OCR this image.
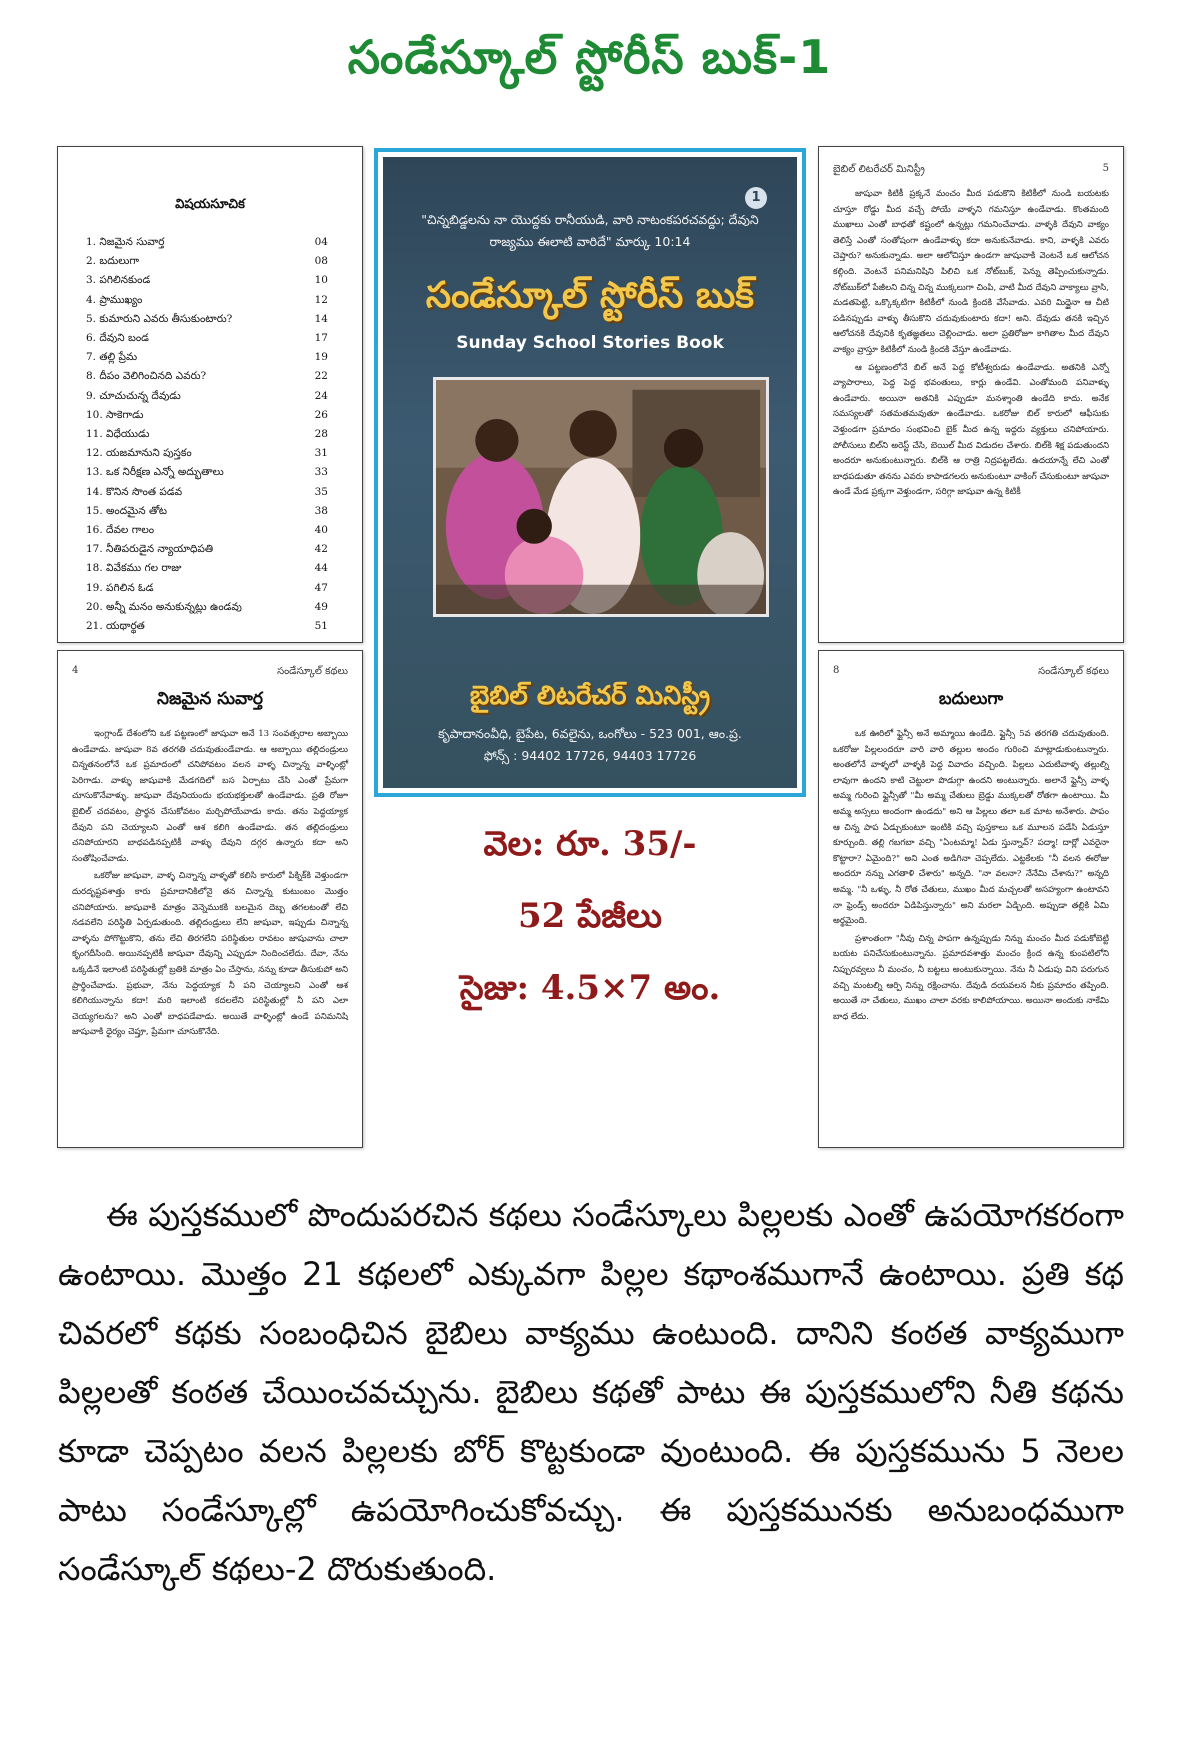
సండేస్కూల్ స్టోరీస్ బుక్-1
విషయసూచిక
1. నిజమైన సువార్త	04
2. బదులుగా	08
3. పగిలినకుండ	10
4. ప్రాముఖ్యం	12
5. కుమారుని ఎవరు తీసుకుంటారు?	14
6. దేవుని బండ	17
7. తల్లి ప్రేమ	19
8. దీపం వెలిగించినది ఎవరు?	22
9. చూచుచున్న దేవుడు	24
10. సాకెగాడు	26
11. విధేయుడు	28
12. యజమానుని పుస్తకం	31
13. ఒక నిరీక్షణ ఎన్నో అద్భుతాలు	33
14. కొనిన సొంత పడవ	35
15. అందమైన తోట	38
16. దేవల గాలం	40
17. నీతిపరుడైన న్యాయాధిపతి	42
18. వివేకము గల రాజు	44
19. పగిలిన ఓడ	47
20. అన్నీ మనం అనుకున్నట్లు ఉండవు	49
21. యథార్థత	51
1
"చిన్నబిడ్డలను నా యొద్దకు రానీయుడి, వారి నాటంకపరచవద్దు; దేవుని రాజ్యము ఈలాటి వారిదే" మార్కు 10:14
సండేస్కూల్ స్టోరీస్ బుక్
Sunday School Stories Book
బైబిల్ లిటరేచర్ మినిస్ట్రీ
కృపాదానంవీధి, బైపేట, 6వలైను, ఒంగోలు - 523 001, ఆం.ప్ర.
ఫోన్స్ : 94402 17726, 94403 17726
బైబిల్ లిటరేచర్ మినిస్ట్రీ	5

జాషువా కిటికీ ప్రక్కనే మంచం మీద పడుకొని కిటికీలో నుండి బయటకు చూస్తూ రోడ్డు మీద వచ్చే పోయే వాళ్ళని గమనిస్తూ ఉండేవాడు. కొంతమంది ముఖాలు ఎంతో బాధతో కష్టంలో ఉన్నట్లు గమనించేవాడు. వాళ్ళకి దేవుని వాక్యం తెలిస్తే ఎంతో సంతోషంగా ఉండేవాళ్ళు కదా అనుకునేవాడు. కాని, వాళ్ళకి ఎవరు చెప్తారు? అనుకున్నాడు. అలా ఆలోచిస్తూ ఉండగా జాషువాకి వెంటనే ఒక ఆలోచన కల్గింది. వెంటనే పనిమనిషిని పిలిచి ఒక నోట్‌బుక్, పెన్ను తెప్పించుకున్నాడు. నోట్‌బుక్‌లో పేజీలని చిన్న చిన్న ముక్కలుగా చింపి, వాటి మీద దేవుని వాక్యాలు వ్రాసి, మడతపెట్టి, ఒక్కొక్కటిగా కిటికీలో నుండి క్రిందకి వేసేవాడు. ఎవరి మిద్దైనా ఆ చీటి పడినప్పుడు వాళ్ళు తీసుకొని చదువుకుంటారు కదా! అని. దేవుడు తనకి ఇచ్చిన ఆలోచనకి దేవునికి కృతజ్ఞతలు చెల్లించాడు. అలా ప్రతిరోజూ కాగితాల మీద దేవుని వాక్యం వ్రాస్తూ కిటికీలో నుండి క్రిందకి వేస్తూ ఉండేవాడు.

ఆ పట్టణంలోనే బిల్ అనే పెద్ద కోటీశ్వరుడు ఉండేవాడు. అతనికి ఎన్నో వ్యాపారాలు, పెద్ద పెద్ద భవంతులు, కార్లు ఉండేవి. ఎంతోమంది పనివాళ్ళు ఉండేవారు. అయినా అతనికి ఎప్పుడూ మనశ్శాంతి ఉండేది కాదు. అనేక సమస్యలతో సతమతమవుతూ ఉండేవాడు. ఒకరోజు బిల్ కారులో ఆఫీసుకు వెళ్తుండగా ప్రమాదం సంభవించి బైక్ మీద ఉన్న ఇద్దరు వ్యక్తులు చనిపోయారు. పోలీసులు బిల్‌ని అరెస్ట్ చేసి, బెయిల్ మీద విడుదల చేశారు. బిల్‌కి శిక్ష పడుతుందని అందరూ అనుకుంటున్నారు. బిల్‌కి ఆ రాత్రి నిద్రపట్టలేదు. ఉదయాన్నే లేచి ఎంతో బాధపడుతూ తనను ఎవరు కాపాడగలరు అనుకుంటూ వాకింగ్ చేసుకుంటూ జాషువా ఉండే మేడ ప్రక్కగా వెళ్తుండగా, సరిగ్గా జాషువా ఉన్న కిటికీ

4	సండేస్కూల్ కథలు
నిజమైన సువార్త

ఇంగ్లాండ్ దేశంలోని ఒక పట్టణంలో జాషువా అనే 13 సంవత్సరాల అబ్బాయి ఉండేవాడు. జాషువా 8వ తరగతి చదువుతుండేవాడు. ఆ అబ్బాయి తల్లిదండ్రులు చిన్నతనంలోనే ఒక ప్రమాదంలో చనిపోవటం వలన వాళ్ళ చిన్నాన్న వాళ్ళింట్లో పెరిగాడు. వాళ్ళు జాషువాకి మేడగదిలో బస ఏర్పాటు చేసి ఎంతో ప్రేమగా చూసుకొనేవాళ్ళు. జాషువా దేవునియందు భయభక్తులతో ఉండేవాడు. ప్రతి రోజూ బైబిల్ చదవటం, ప్రార్థన చేసుకోవటం మర్చిపోయేవాడు కాదు. తను పెద్దయ్యాక దేవుని పని చెయ్యాలని ఎంతో ఆశ కలిగి ఉండేవాడు. తన తల్లిదండ్రులు చనిపోయారని బాధపడినప్పటికీ వాళ్ళు దేవుని దగ్గర ఉన్నారు కదా అని సంతోషించేవాడు.

ఒకరోజు జాషువా, వాళ్ళ చిన్నాన్న వాళ్ళతో కలిసి కారులో పిక్నిక్‌కి వెళ్తుండగా దురదృష్టవశాత్తు కారు ప్రమాదానికిలోనై తన చిన్నాన్న కుటుంబం మొత్తం చనిపోయారు. జాషువాకి మాత్రం వెన్నెముకకి బలమైన దెబ్బ తగలటంతో లేచి నడవలేని పరిస్థితి ఏర్పడుతుంది. తల్లిదండ్రులు లేని జాషువా, ఇప్పుడు చిన్నాన్న వాళ్ళను పోగొట్టుకొని, తను లేచి తిరగలేని పరిస్థితుల రావటం జాషువాను చాలా కృంగదీసింది. అయినప్పటికీ జాషువా దేవున్ని ఎప్పుడూ నిందించలేదు. దేవా, నేను ఒక్కడినే ఇలాంటి పరిస్థితుల్లో బ్రతికి మాత్రం ఏం చేస్తాను, నన్ను కూడా తీసుకుపో అని ప్రార్థించేవాడు. ప్రభువా, నేను పెద్దయ్యాక నీ పని చెయ్యాలని ఎంతో ఆశ కలిగియున్నాను కదా! మరి ఇలాంటి కదలలేని పరిస్థితుల్లో నీ పని ఎలా చెయ్యగలను? అని ఎంతో బాధపడేవాడు. అయితే వాళ్ళింట్లో ఉండే పనిమనిషి జాషువాకి ధైర్యం చెప్తూ, ప్రేమగా చూసుకొనేది.

8	సండేస్కూల్ కథలు
బదులుగా

ఒక ఊరిలో ఫ్లైన్సీ అనే అమ్మాయి ఉండేది. ఫ్లైన్సీ 5వ తరగతి చదువుతుంది. ఒకరోజు పిల్లలందరూ వారి వారి తల్లుల అందం గురించి మాట్లాడుకుంటున్నారు. అంతలోనే వాళ్ళలో వాళ్ళకి పెద్ద వివాదం వచ్చింది. పిల్లలు ఎదుటివాళ్ళ తల్లుల్ని లావుగా ఉందని కాటి చెట్టులా పొడుగ్గా ఉందని అంటున్నారు. అలానే ఫ్లైన్సీ వాళ్ళ అమ్మ గురించి ఫ్లైన్సీతో "మీ అమ్మ చేతులు బ్రెడ్డు ముక్కలతో రోతగా ఉంటాయి. మీ అమ్మ అస్సలు అందంగా ఉండదు" అని ఆ పిల్లలు తలా ఒక మాట అనేశారు. పాపం ఆ చిన్న పాప ఏడ్చుకుంటూ ఇంటికి వచ్చి పుస్తకాలు ఒక మూలన పడేసి ఏడుస్తూ కూర్చుంది. తల్లి గబగబా వచ్చి "ఏంటమ్మా! ఏడు స్తున్నావ్? పద్మా! దార్లో ఎవరైనా కొట్టారా? ఏమైంది?" అని ఎంత అడిగినా చెప్పలేదు. ఎట్టకేలకు "నీ వలన ఈరోజు అందరూ నన్ను ఎగతాళి చేశారు" అన్నది. "నా వలనా? నేనేమి చేశాను?" అన్నది అమ్మ. "నీ ఒళ్ళు, నీ రోత చేతులు, ముఖం మీద మచ్చలతో అసహ్యంగా ఉంటావని నా ఫ్రెండ్స్ అందరూ ఏడిపిస్తున్నారు" అని మరలా ఏడ్చింది. అప్పుడా తల్లికి ఏమి అర్థమైంది.

ప్రశాంతంగా "నీవు చిన్న పాపగా ఉన్నప్పుడు నిన్ను మంచం మీద పడుకోబెట్టి బయట పనిచేసుకుంటున్నాను. ప్రమాదవశాత్తు మంచం క్రింద ఉన్న కుంపటిలోని నిప్పురవ్వలు నీ మంచం, నీ బట్టలు అంటుకున్నాయి. నేను నీ ఏడుపు విని పరుగున వచ్చి మంటల్ని ఆర్పి నిన్ను రక్షించాను. దేవుడి దయవలన నీకు ప్రమాదం తప్పింది. అయితే నా చేతులు, ముఖం చాలా వరకు కాలిపోయాయి. అయినా అందుకు నాకేమి బాధ లేదు.

వెల: రూ. 35/-
52 పేజీలు
సైజు: 4.5×7 అం.
ఈ పుస్తకములో పొందుపరచిన కథలు సండేస్కూలు పిల్లలకు ఎంతో ఉపయోగకరంగా ఉంటాయి. మొత్తం 21 కథలలో ఎక్కువగా పిల్లల కథాంశముగానే ఉంటాయి. ప్రతి కథ చివరలో కథకు సంబంధిచిన బైబిలు వాక్యము ఉంటుంది. దానిని కంఠత వాక్యముగా పిల్లలతో కంఠత చేయించవచ్చును. బైబిలు కథతో పాటు ఈ పుస్తకములోని నీతి కథను కూడా చెప్పటం వలన పిల్లలకు బోర్ కొట్టకుండా వుంటుంది. ఈ పుస్తకమును 5 నెలల పాటు సండేస్కూల్లో ఉపయోగించుకోవచ్చు. ఈ పుస్తకమునకు అనుబంధముగా సండేస్కూల్ కథలు-2 దొరుకుతుంది.
